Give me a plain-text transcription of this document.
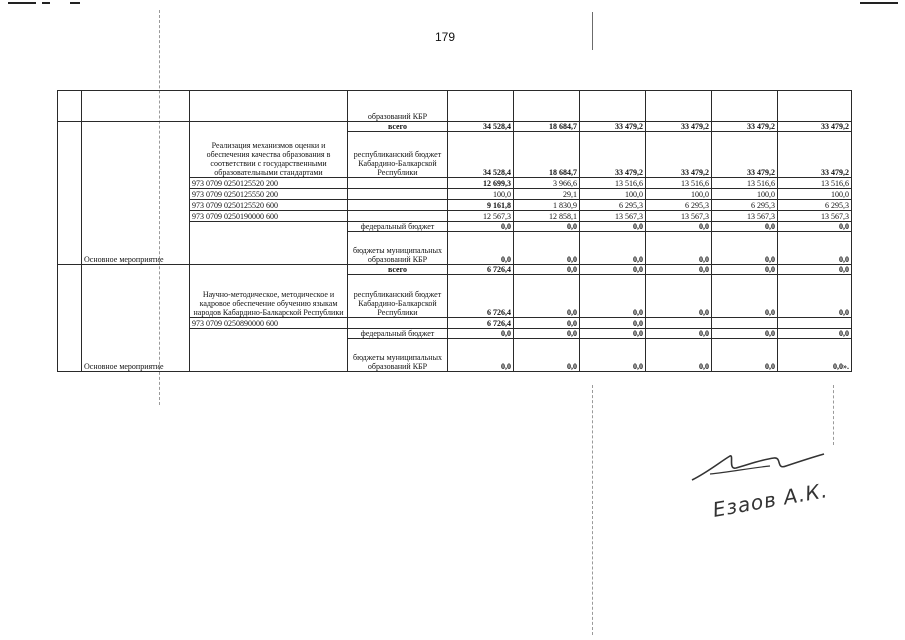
179
			образований КБР						
	Основное мероприятие	Реализация механизмов оценки и обеспечения качества образования в соответствии с государственными образовательными стандартами	всего	34 528,4	18 684,7	33 479,2	33 479,2	33 479,2	33 479,2
			республиканский бюджет Кабардино-Балкарской Республики	34 528,4	18 684,7	33 479,2	33 479,2	33 479,2	33 479,2
		973 0709 0250125520 200		12 699,3	3 966,6	13 516,6	13 516,6	13 516,6	13 516,6
		973 0709 0250125550 200		100,0	29,1	100,0	100,0	100,0	100,0
		973 0709 0250125520 600		9 161,8	1 830,9	6 295,3	6 295,3	6 295,3	6 295,3
		973 0709 0250190000 600		12 567,3	12 858,1	13 567,3	13 567,3	13 567,3	13 567,3
			федеральный бюджет	0,0	0,0	0,0	0,0	0,0	0,0
			бюджеты муниципальных образований КБР	0,0	0,0	0,0	0,0	0,0	0,0
	Основное мероприятие	Научно-методическое, методическое и кадровое обеспечение обучению языкам народов Кабардино-Балкарской Республики	всего	6 726,4	0,0	0,0	0,0	0,0	0,0
			республиканский бюджет Кабардино-Балкарской Республики	6 726,4	0,0	0,0	0,0	0,0	0,0
		973 0709 0250890000 600		6 726,4	0,0	0,0			
			федеральный бюджет	0,0	0,0	0,0	0,0	0,0	0,0
			бюджеты муниципальных образований КБР	0,0	0,0	0,0	0,0	0,0	0,0».
Езаов А.К.
